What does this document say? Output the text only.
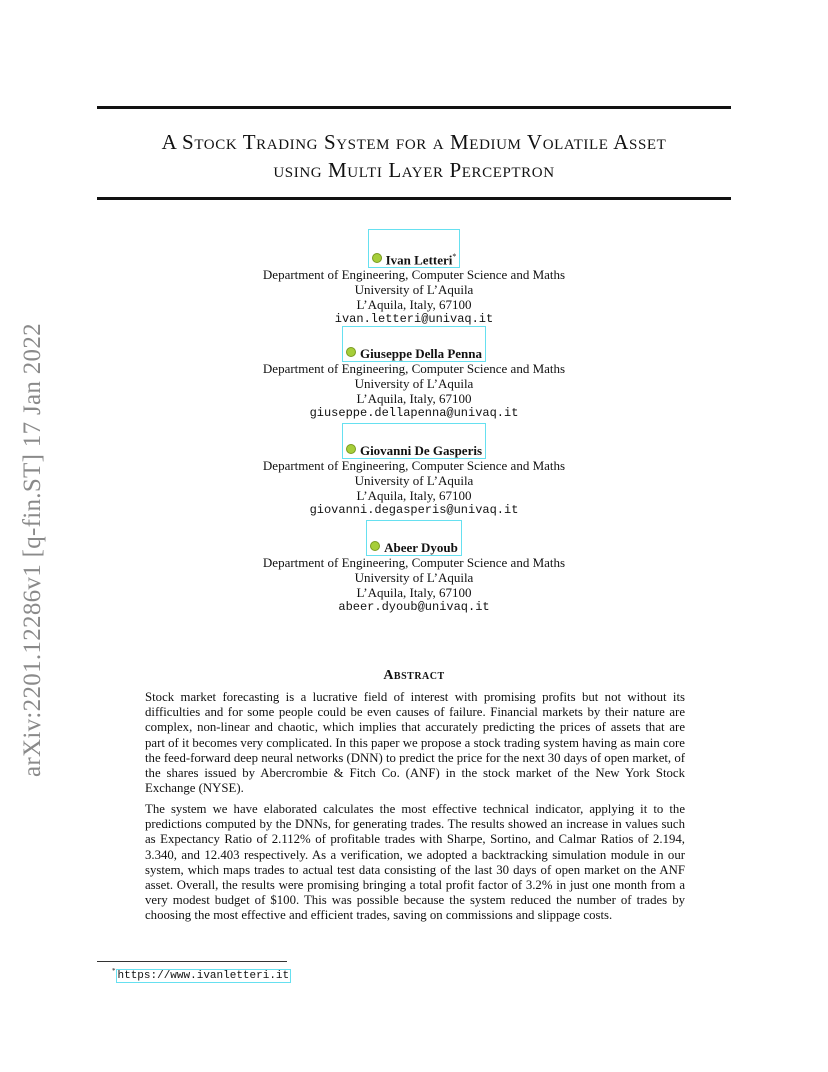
arXiv:2201.12286v1 [q-fin.ST] 17 Jan 2022
A Stock Trading System for a Medium Volatile Asset
using Multi Layer Perceptron
Ivan Letteri*
Department of Engineering, Computer Science and Maths
University of L’Aquila
L’Aquila, Italy, 67100
ivan.letteri@univaq.it
Giuseppe Della Penna
Department of Engineering, Computer Science and Maths
University of L’Aquila
L’Aquila, Italy, 67100
giuseppe.dellapenna@univaq.it
Giovanni De Gasperis
Department of Engineering, Computer Science and Maths
University of L’Aquila
L’Aquila, Italy, 67100
giovanni.degasperis@univaq.it
Abeer Dyoub
Department of Engineering, Computer Science and Maths
University of L’Aquila
L’Aquila, Italy, 67100
abeer.dyoub@univaq.it
Abstract

Stock market forecasting is a lucrative field of interest with promising profits but not without its difficulties and for some people could be even causes of failure. Financial markets by their nature are complex, non-linear and chaotic, which implies that accurately predicting the prices of assets that are part of it becomes very complicated. In this paper we propose a stock trading system having as main core the feed-forward deep neural networks (DNN) to predict the price for the next 30 days of open market, of the shares issued by Abercrombie & Fitch Co. (ANF) in the stock market of the New York Stock Exchange (NYSE).

The system we have elaborated calculates the most effective technical indicator, applying it to the predictions computed by the DNNs, for generating trades. The results showed an increase in values such as Expectancy Ratio of 2.112% of profitable trades with Sharpe, Sortino, and Calmar Ratios of 2.194, 3.340, and 12.403 respectively. As a verification, we adopted a backtracking simulation module in our system, which maps trades to actual test data consisting of the last 30 days of open market on the ANF asset. Overall, the results were promising bringing a total profit factor of 3.2% in just one month from a very modest budget of $100. This was possible because the system reduced the number of trades by choosing the most effective and efficient trades, saving on commissions and slippage costs.

* https://www.ivanletteri.it
